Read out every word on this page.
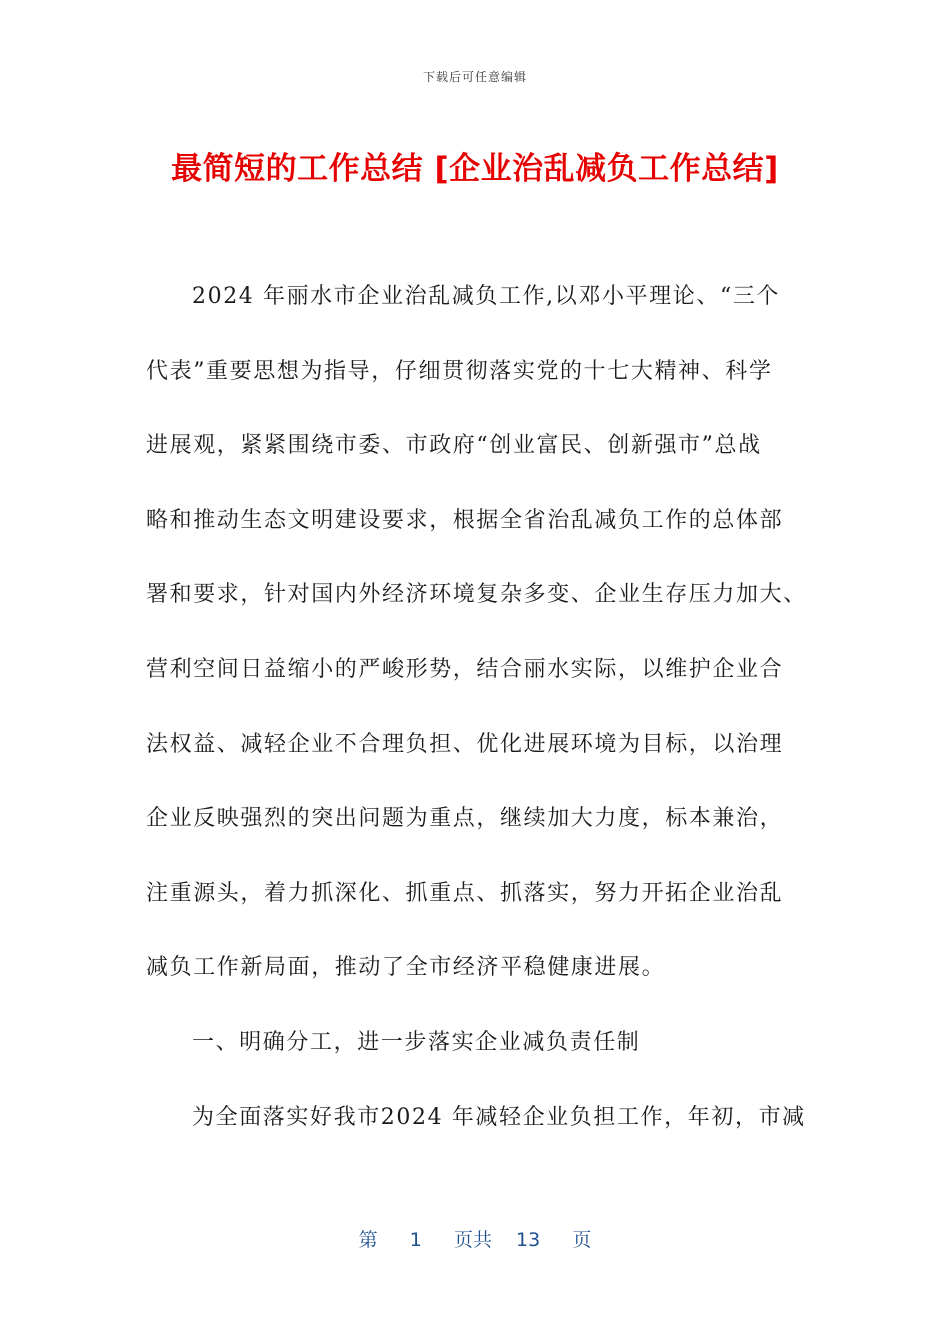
下载后可任意编辑
最简短的工作总结 [企业治乱减负工作总结]
2024 年丽水市企业治乱减负工作,以邓小平理论、“三个
代表”重要思想为指导，仔细贯彻落实党的十七大精神、科学
进展观，紧紧围绕市委、市政府“创业富民、创新强市”总战
略和推动生态文明建设要求，根据全省治乱减负工作的总体部
署和要求，针对国内外经济环境复杂多变、企业生存压力加大、
营利空间日益缩小的严峻形势，结合丽水实际，以维护企业合
法权益、减轻企业不合理负担、优化进展环境为目标，以治理
企业反映强烈的突出问题为重点，继续加大力度，标本兼治，
注重源头，着力抓深化、抓重点、抓落实，努力开拓企业治乱
减负工作新局面，推动了全市经济平稳健康进展。
一、明确分工，进一步落实企业减负责任制
为全面落实好我市2024 年减轻企业负担工作，年初，市减
第 1 页共 13 页
